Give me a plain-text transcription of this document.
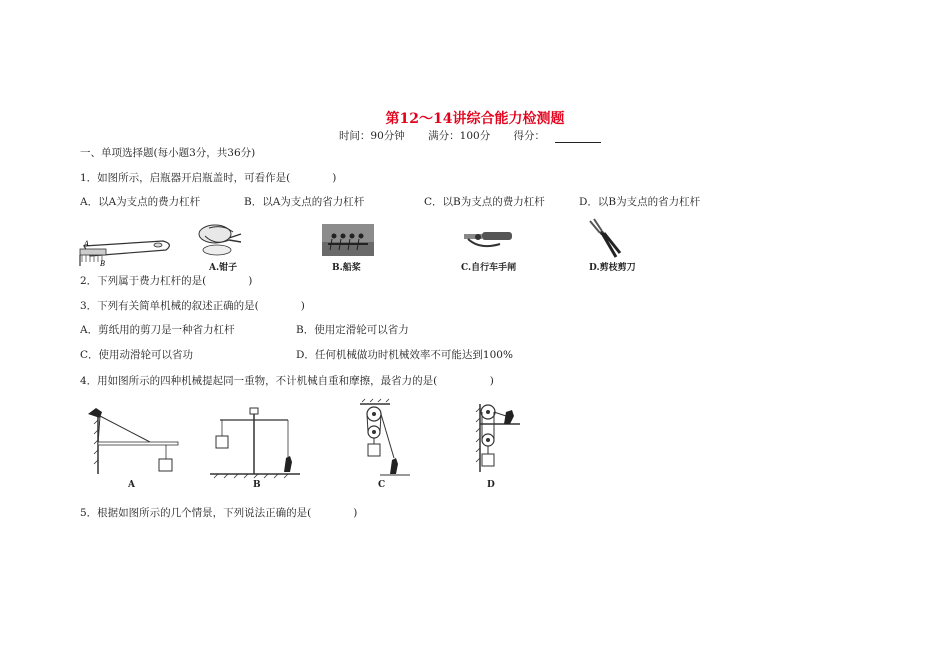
第12～14讲综合能力检测题
时间：90分钟 满分：100分 得分：
一、单项选择题(每小题3分，共36分)
1．如图所示，启瓶器开启瓶盖时，可看作是(　　　　)
A．以A为支点的费力杠杆	B．以A为支点的省力杠杆	C．以B为支点的费力杠杆	D．以B为支点的省力杠杆
A
B	A.钳子	B.船桨	C.自行车手闸	D.剪枝剪刀
2．下列属于费力杠杆的是(　　　　)
3．下列有关简单机械的叙述正确的是(　　　　)
A．剪纸用的剪刀是一种省力杠杆	B．使用定滑轮可以省力
C．使用动滑轮可以省功	D．任何机械做功时机械效率不可能达到100%
4．用如图所示的四种机械提起同一重物，不计机械自重和摩擦，最省力的是(　　　　　)
A	B	C	D
5．根据如图所示的几个情景，下列说法正确的是(　　　　)
